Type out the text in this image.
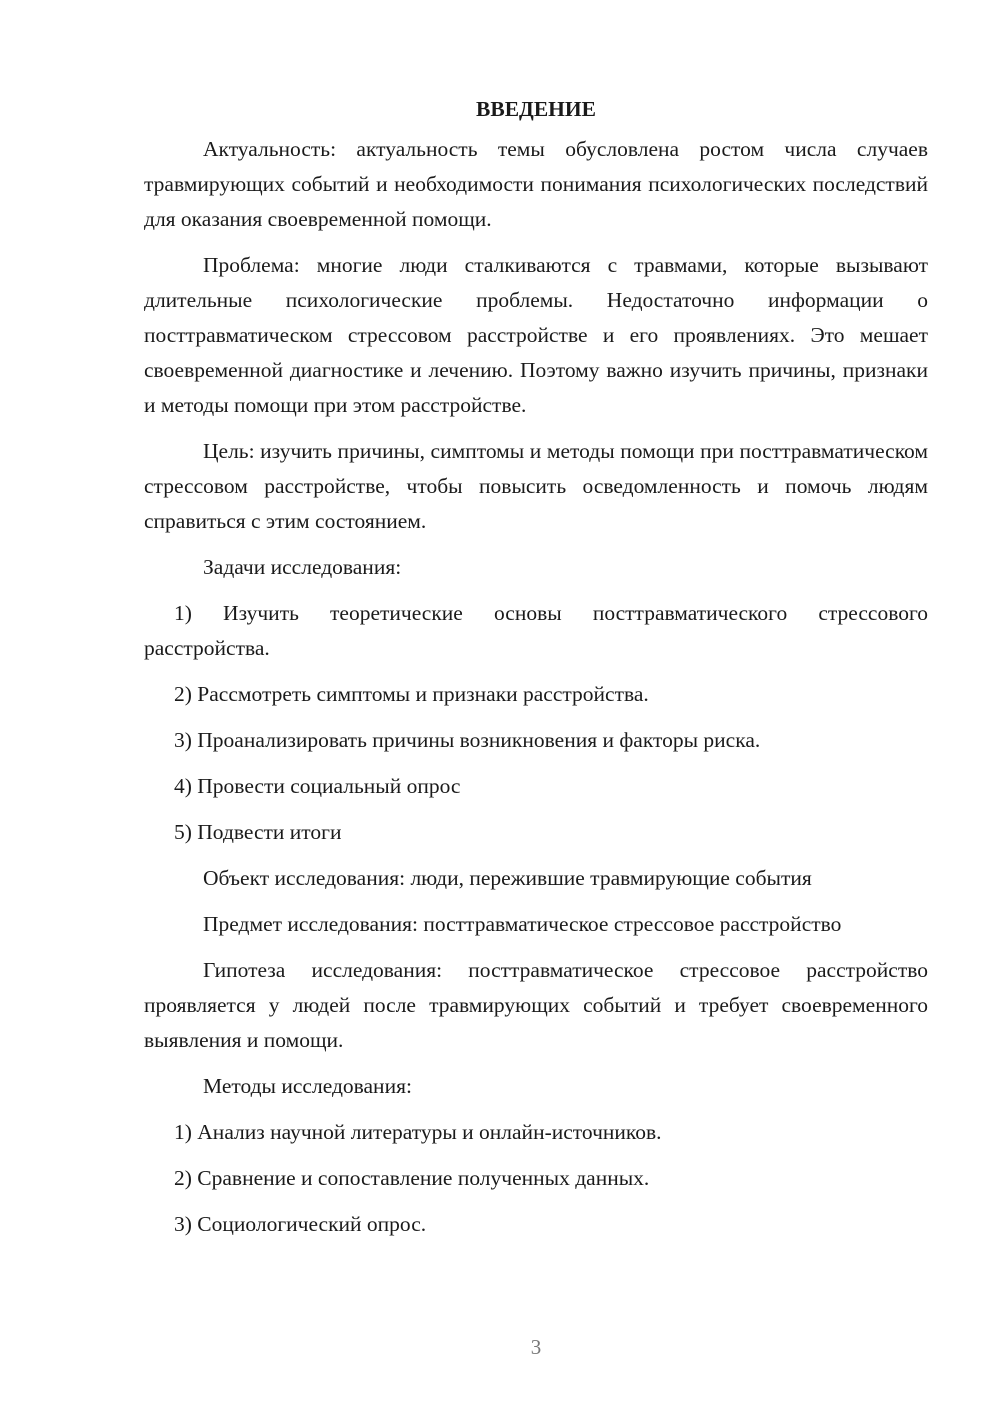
ВВЕДЕНИЕ

Актуальность: актуальность темы обусловлена ростом числа случаев травмирующих событий и необходимости понимания психологических последствий для оказания своевременной помощи.

Проблема: многие люди сталкиваются с травмами, которые вызывают длительные психологические проблемы. Недостаточно информации о посттравматическом стрессовом расстройстве и его проявлениях. Это мешает своевременной диагностике и лечению. Поэтому важно изучить причины, признаки и методы помощи при этом расстройстве.

Цель: изучить причины, симптомы и методы помощи при посттравматическом стрессовом расстройстве, чтобы повысить осведомленность и помочь людям справиться с этим состоянием.

Задачи исследования:

1) Изучить теоретические основы посттравматического стрессового расстройства.

2) Рассмотреть симптомы и признаки расстройства.

3) Проанализировать причины возникновения и факторы риска.

4) Провести социальный опрос

5) Подвести итоги

Объект исследования: люди, пережившие травмирующие события

Предмет исследования: посттравматическое стрессовое расстройство

Гипотеза исследования: посттравматическое стрессовое расстройство проявляется у людей после травмирующих событий и требует своевременного выявления и помощи.

Методы исследования:

1) Анализ научной литературы и онлайн-источников.

2) Сравнение и сопоставление полученных данных.

3) Социологический опрос.

3
